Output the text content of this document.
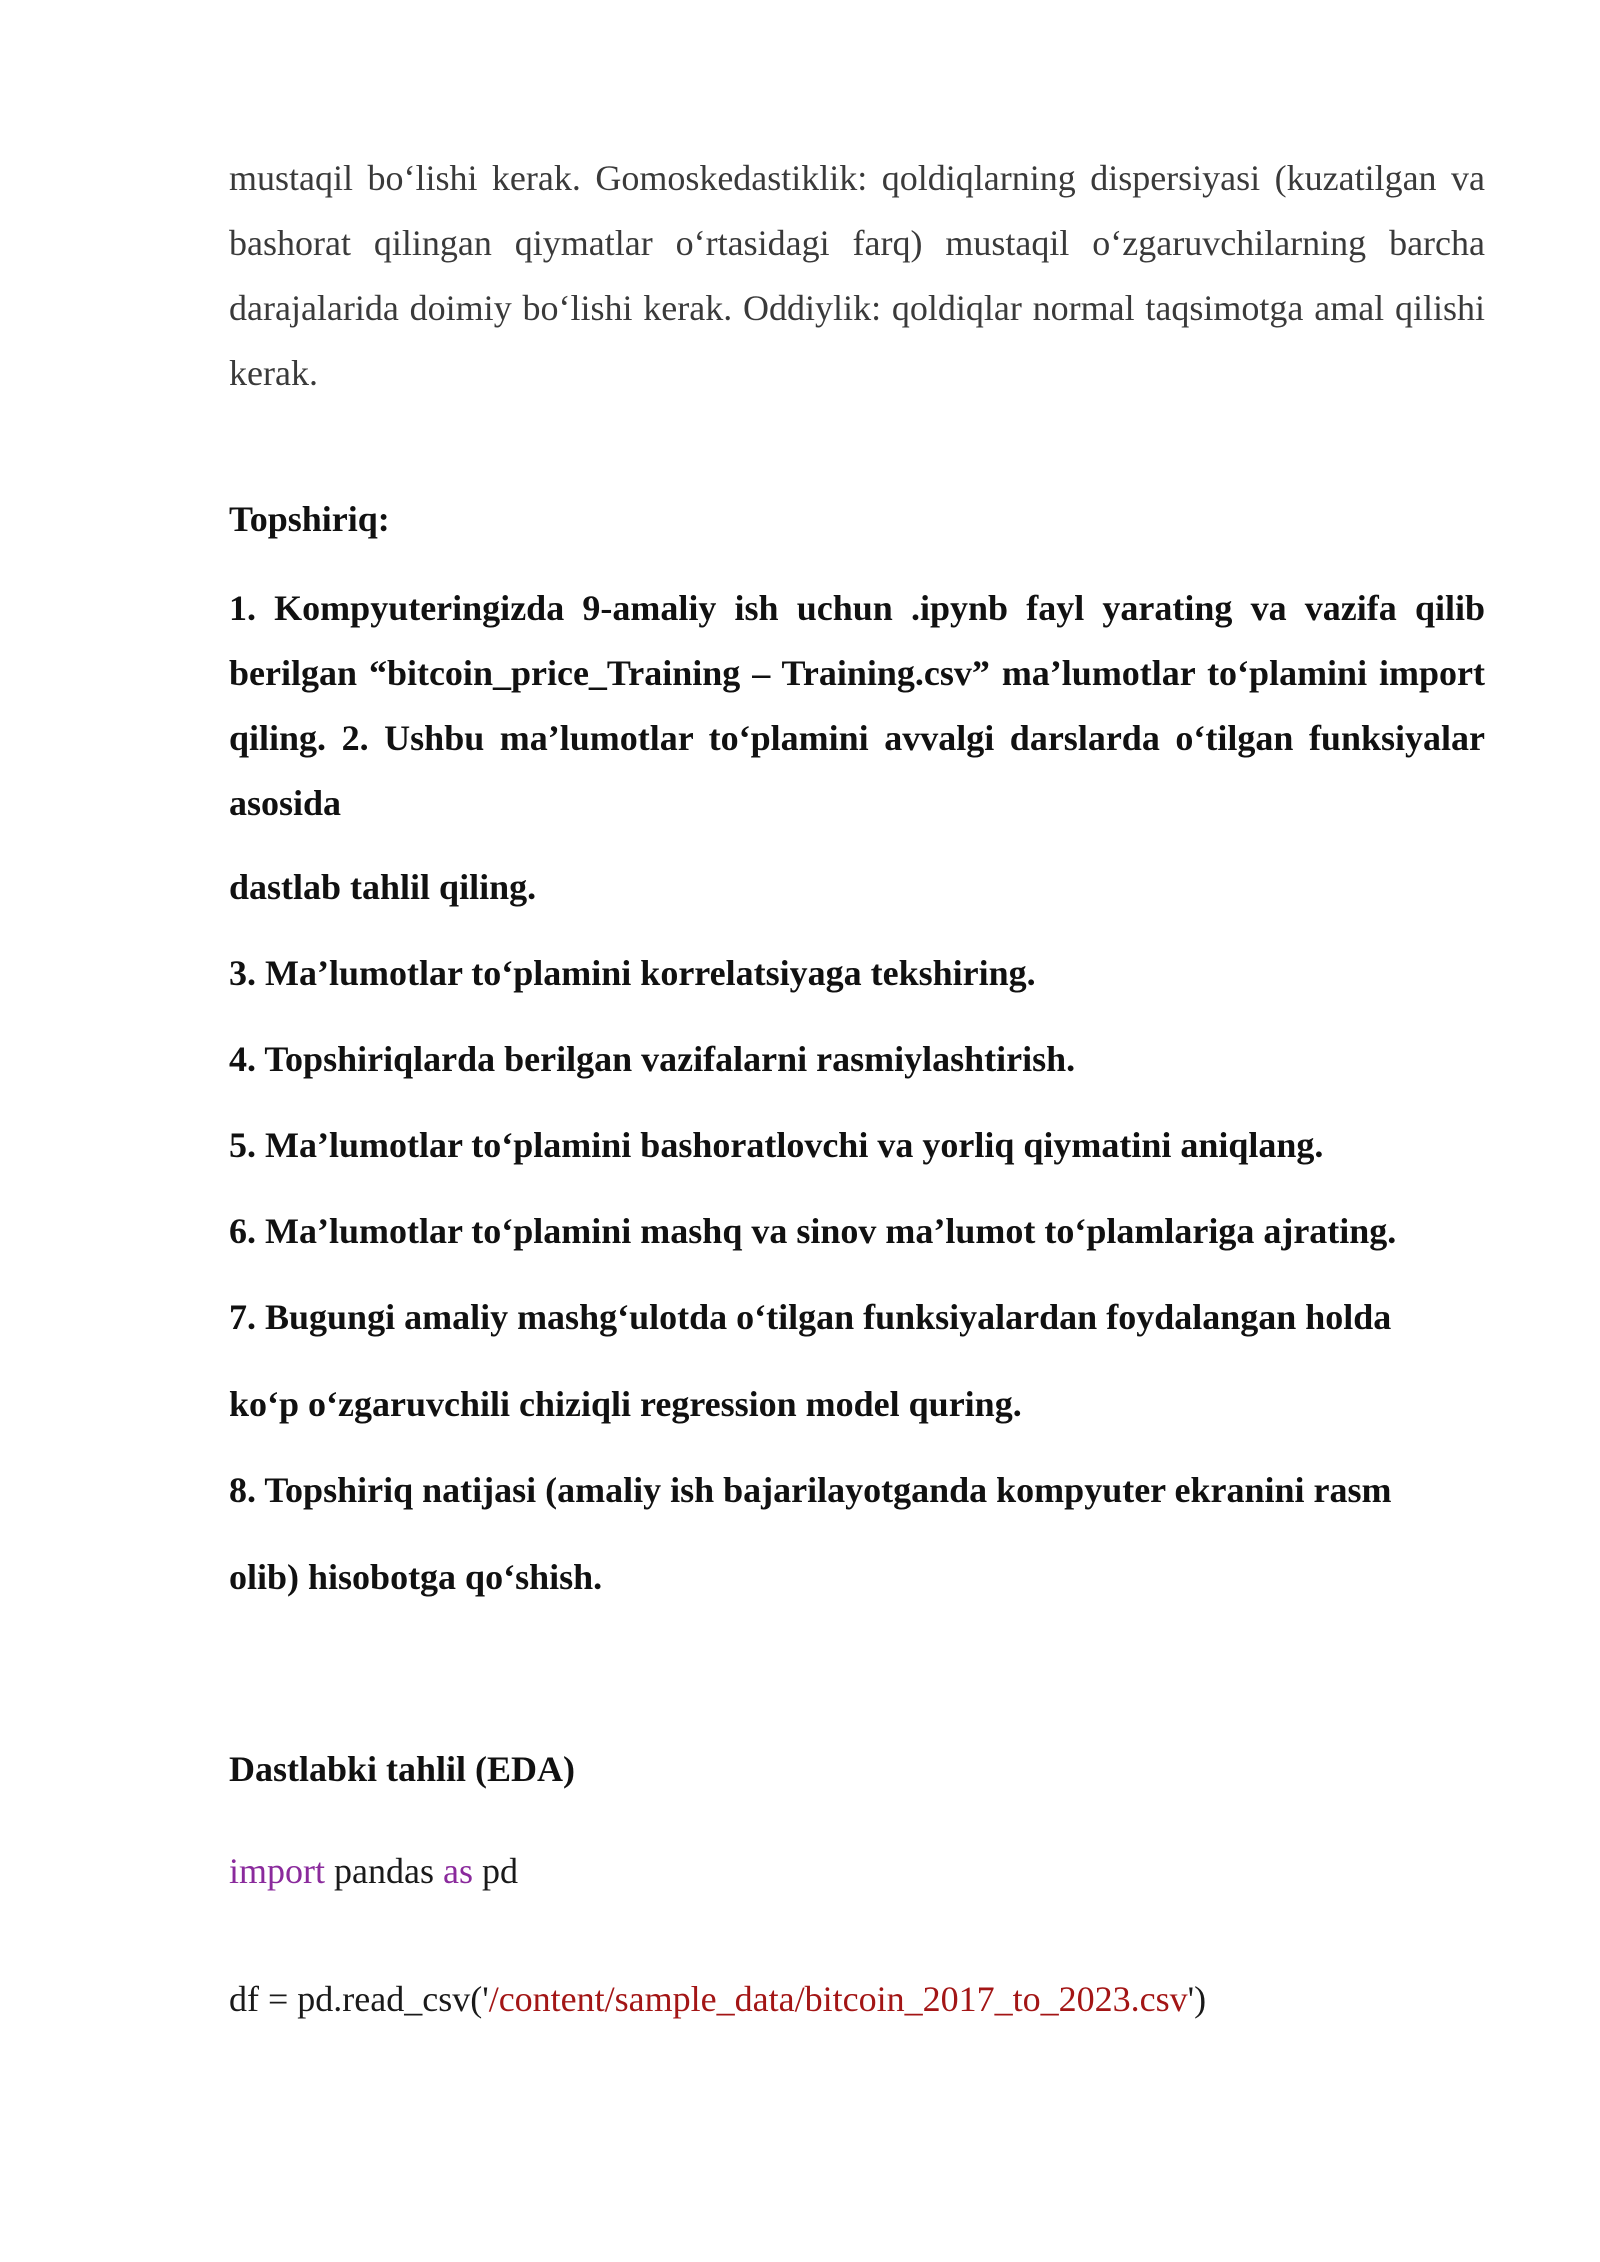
mustaqil bo‘lishi kerak. Gomoskedastiklik: qoldiqlarning dispersiyasi (kuzatilgan va bashorat qilingan qiymatlar o‘rtasidagi farq) mustaqil o‘zgaruvchilarning barcha darajalarida doimiy bo‘lishi kerak. Oddiylik: qoldiqlar normal taqsimotga amal qilishi kerak.
Topshiriq:
1. Kompyuteringizda 9-amaliy ish uchun .ipynb fayl yarating va vazifa qilib berilgan “bitcoin_price_Training – Training.csv” ma’lumotlar to‘plamini import qiling. 2. Ushbu ma’lumotlar to‘plamini avvalgi darslarda o‘tilgan funksiyalar asosida
dastlab tahlil qiling.
3. Ma’lumotlar to‘plamini korrelatsiyaga tekshiring.
4. Topshiriqlarda berilgan vazifalarni rasmiylashtirish.
5. Ma’lumotlar to‘plamini bashoratlovchi va yorliq qiymatini aniqlang.
6. Ma’lumotlar to‘plamini mashq va sinov ma’lumot to‘plamlariga ajrating.
7. Bugungi amaliy mashg‘ulotda o‘tilgan funksiyalardan foydalangan holda
ko‘p o‘zgaruvchili chiziqli regression model quring.
8. Topshiriq natijasi (amaliy ish bajarilayotganda kompyuter ekranini rasm
olib) hisobotga qo‘shish.
Dastlabki tahlil (EDA)
import pandas as pd
df = pd.read_csv('/content/sample_data/bitcoin_2017_to_2023.csv')
